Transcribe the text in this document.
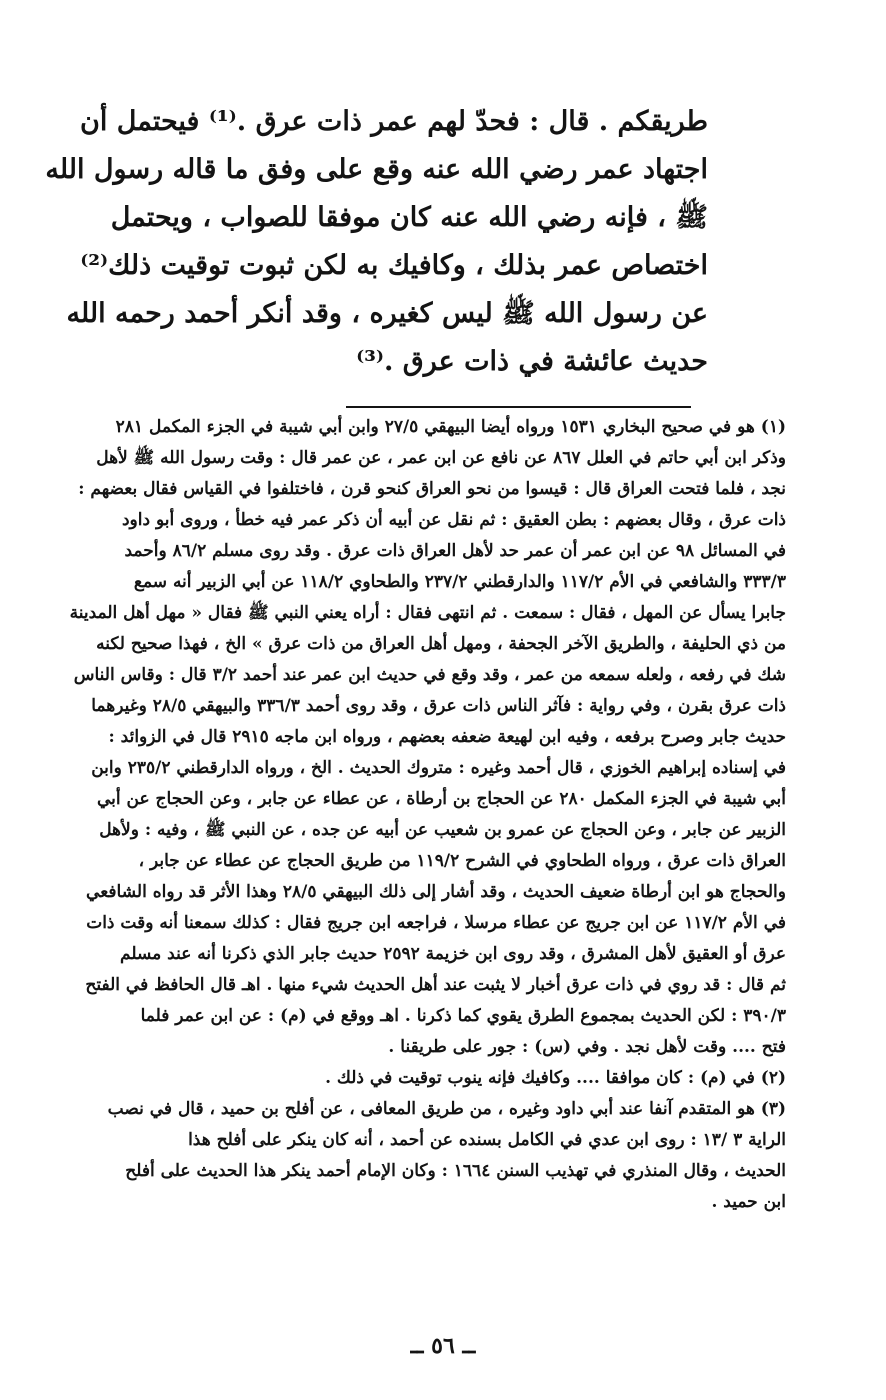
طريقكم . قال : فحدّ لهم عمر ذات عرق .⁽¹⁾ فيحتمل أن
اجتهاد عمر رضي الله عنه وقع على وفق ما قاله رسول الله
ﷺ ، فإنه رضي الله عنه كان موفقا للصواب ، ويحتمل
اختصاص عمر بذلك ، وكافيك به لكن ثبوت توقيت ذلك⁽²⁾
عن رسول الله ﷺ ليس كغيره ، وقد أنكر أحمد رحمه الله
حديث عائشة في ذات عرق .⁽³⁾
(١) هو في صحيح البخاري ١٥٣١ ورواه أيضا البيهقي ٢٧/٥ وابن أبي شيبة في الجزء المكمل ٢٨١
وذكر ابن أبي حاتم في العلل ٨٦٧ عن نافع عن ابن عمر ، عن عمر قال : وقت رسول الله ﷺ لأهل
نجد ، فلما فتحت العراق قال : قيسوا من نحو العراق كنحو قرن ، فاختلفوا في القياس فقال بعضهم :
ذات عرق ، وقال بعضهم : بطن العقيق : ثم نقل عن أبيه أن ذكر عمر فيه خطأ ، وروى أبو داود
في المسائل ٩٨ عن ابن عمر أن عمر حد لأهل العراق ذات عرق . وقد روى مسلم ٨٦/٢ وأحمد
٣٣٣/٣ والشافعي في الأم ١١٧/٢ والدارقطني ٢٣٧/٢ والطحاوي ١١٨/٢ عن أبي الزبير أنه سمع
جابرا يسأل عن المهل ، فقال : سمعت . ثم انتهى فقال : أراه يعني النبي ﷺ فقال « مهل أهل المدينة
من ذي الحليفة ، والطريق الآخر الجحفة ، ومهل أهل العراق من ذات عرق » الخ ، فهذا صحيح لكنه
شك في رفعه ، ولعله سمعه من عمر ، وقد وقع في حديث ابن عمر عند أحمد ٣/٢ قال : وقاس الناس
ذات عرق بقرن ، وفي رواية : فآثر الناس ذات عرق ، وقد روى أحمد ٣٣٦/٣ والبيهقي ٢٨/٥ وغيرهما
حديث جابر وصرح برفعه ، وفيه ابن لهيعة ضعفه بعضهم ، ورواه ابن ماجه ٢٩١٥ قال في الزوائد :
في إسناده إبراهيم الخوزي ، قال أحمد وغيره : متروك الحديث . الخ ، ورواه الدارقطني ٢٣٥/٢ وابن
أبي شيبة في الجزء المكمل ٢٨٠ عن الحجاج بن أرطاة ، عن عطاء عن جابر ، وعن الحجاج عن أبي
الزبير عن جابر ، وعن الحجاج عن عمرو بن شعيب عن أبيه عن جده ، عن النبي ﷺ ، وفيه : ولأهل
العراق ذات عرق ، ورواه الطحاوي في الشرح ١١٩/٢ من طريق الحجاج عن عطاء عن جابر ،
والحجاج هو ابن أرطاة ضعيف الحديث ، وقد أشار إلى ذلك البيهقي ٢٨/٥ وهذا الأثر قد رواه الشافعي
في الأم ١١٧/٢ عن ابن جريج عن عطاء مرسلا ، فراجعه ابن جريج فقال : كذلك سمعنا أنه وقت ذات
عرق أو العقيق لأهل المشرق ، وقد روى ابن خزيمة ٢٥٩٢ حديث جابر الذي ذكرنا أنه عند مسلم
ثم قال : قد روي في ذات عرق أخبار لا يثبت عند أهل الحديث شيء منها . اهـ قال الحافظ في الفتح
٣٩٠/٣ : لكن الحديث بمجموع الطرق يقوي كما ذكرنا . اهـ ووقع في (م) : عن ابن عمر فلما
فتح .... وقت لأهل نجد . وفي (س) : جور على طريقنا .
(٢) في (م) : كان موافقا .... وكافيك فإنه ينوب توقيت في ذلك .
(٣) هو المتقدم آنفا عند أبي داود وغيره ، من طريق المعافى ، عن أفلح بن حميد ، قال في نصب
الراية ٣ /١٣ : روى ابن عدي في الكامل بسنده عن أحمد ، أنه كان ينكر على أفلح هذا
الحديث ، وقال المنذري في تهذيب السنن ١٦٦٤ : وكان الإمام أحمد ينكر هذا الحديث على أفلح
ابن حميد .
ــ ٥٦ ــ
